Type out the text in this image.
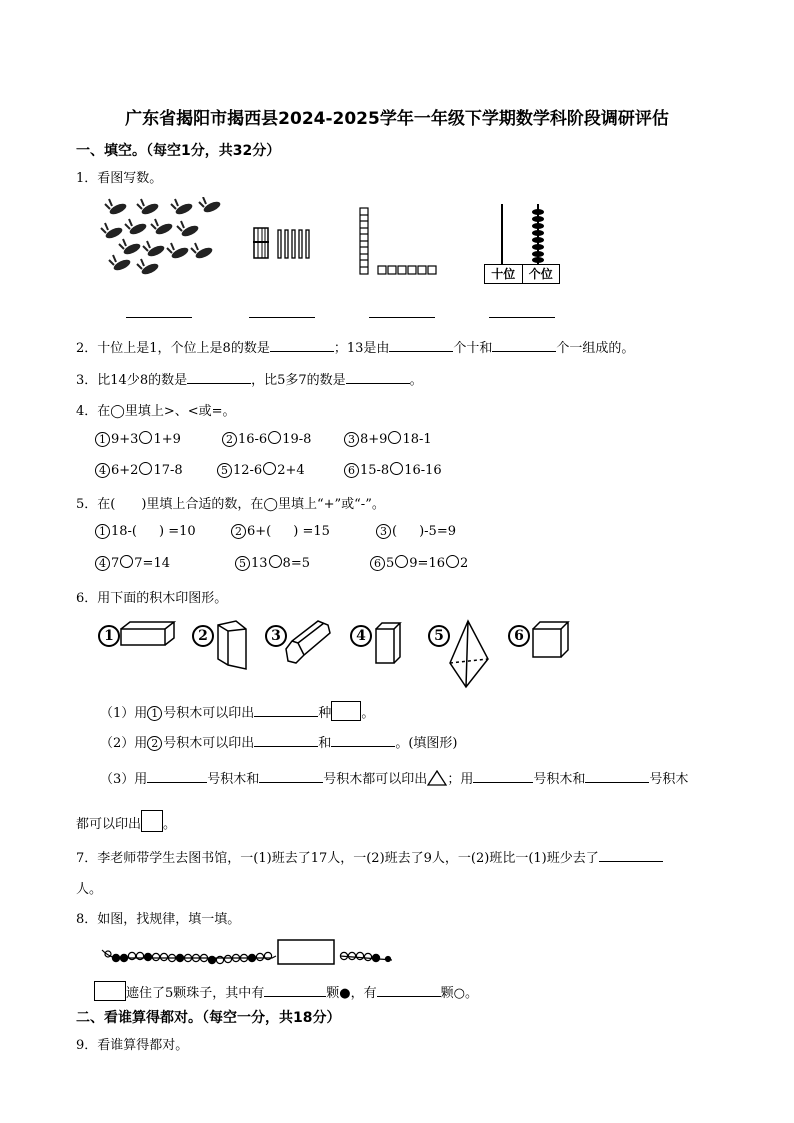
广东省揭阳市揭西县2024-2025学年一年级下学期数学科阶段调研评估
一、填空。（每空1分，共32分）
1．看图写数。
十位	个位
2．十位上是1，个位上是8的数是	；13是由	个十和	个一组成的。
3．比14少8的数是	，比5多7的数是	。
4．在◯里填上>、<或=。
1 9+3 1+9	2 16-6 19-8	3 8+9 18-1
4 6+2 17-8	5 12-6 2+4	6 15-8 16-16
5．在(　　)里填上合适的数，在◯里填上“+”或“-”。
1 18-( ) =10	2 6+( ) =15	3 ( )-5=9
4 7 7=14	5 13 8=5	6 5 9=16 2
6．用下面的积木印图形。
1	2	3	4	5	6
（1）用 1 号积木可以印出	种 。
（2）用 2 号积木可以印出	和	。(填图形)
（3）用	号积木和	号积木都可以印出 ；用	号积木和	号积木
都可以印出 。
7．李老师带学生去图书馆，一(1)班去了17人，一(2)班去了9人，一(2)班比一(1)班少去了
人。
8．如图，找规律，填一填。
遮住了5颗珠子，其中有	颗●，有	颗○。
二、看谁算得都对。（每空一分，共18分）
9．看谁算得都对。
